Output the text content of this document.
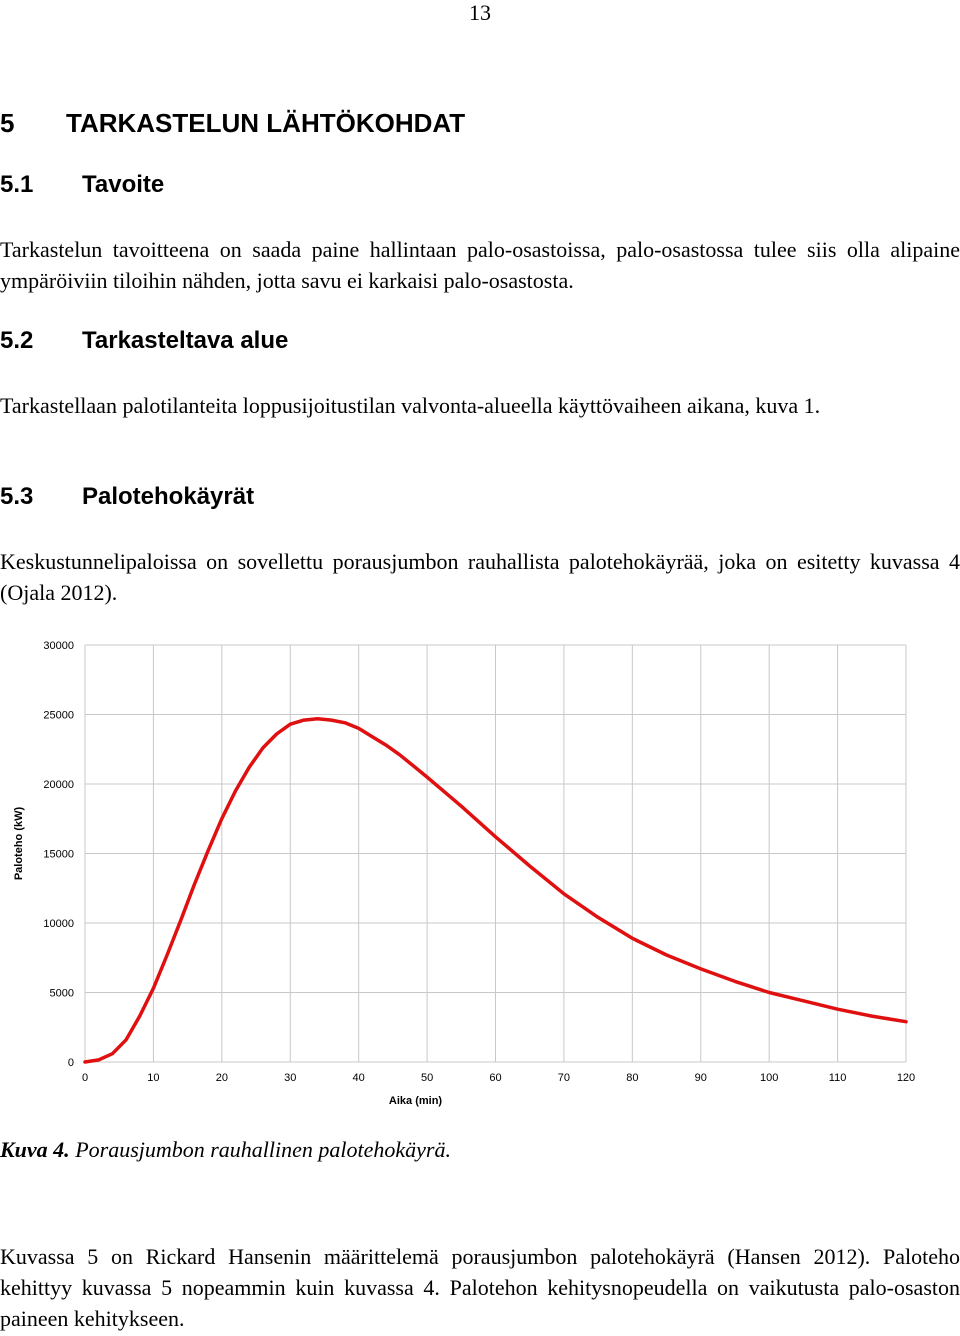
13
5 TARKASTELUN LÄHTÖKOHDAT
5.1 Tavoite
Tarkastelun tavoitteena on saada paine hallintaan palo-osastoissa, palo-osastossa tulee siis olla alipaine ympäröiviin tiloihin nähden, jotta savu ei karkaisi palo-osastosta.
5.2 Tarkasteltava alue
Tarkastellaan palotilanteita loppusijoitustilan valvonta-alueella käyttövaiheen aikana, kuva 1.
5.3 Palotehokäyrät
Keskustunnelipaloissa on sovellettu porausjumbon rauhallista palotehokäyrää, joka on esitetty kuvassa 4 (Ojala 2012).
0	10	20	30	40	50	60	70	80	90	100	110	120
0
5000
10000
15000
20000
25000
30000
Aika (min)
Paloteho (kW)
Kuva 4. Porausjumbon rauhallinen palotehokäyrä.
Kuvassa 5 on Rickard Hansenin määrittelemä porausjumbon palotehokäyrä (Hansen 2012). Paloteho kehittyy kuvassa 5 nopeammin kuin kuvassa 4. Palotehon kehitysnopeudella on vaikutusta palo-osaston paineen kehitykseen.
